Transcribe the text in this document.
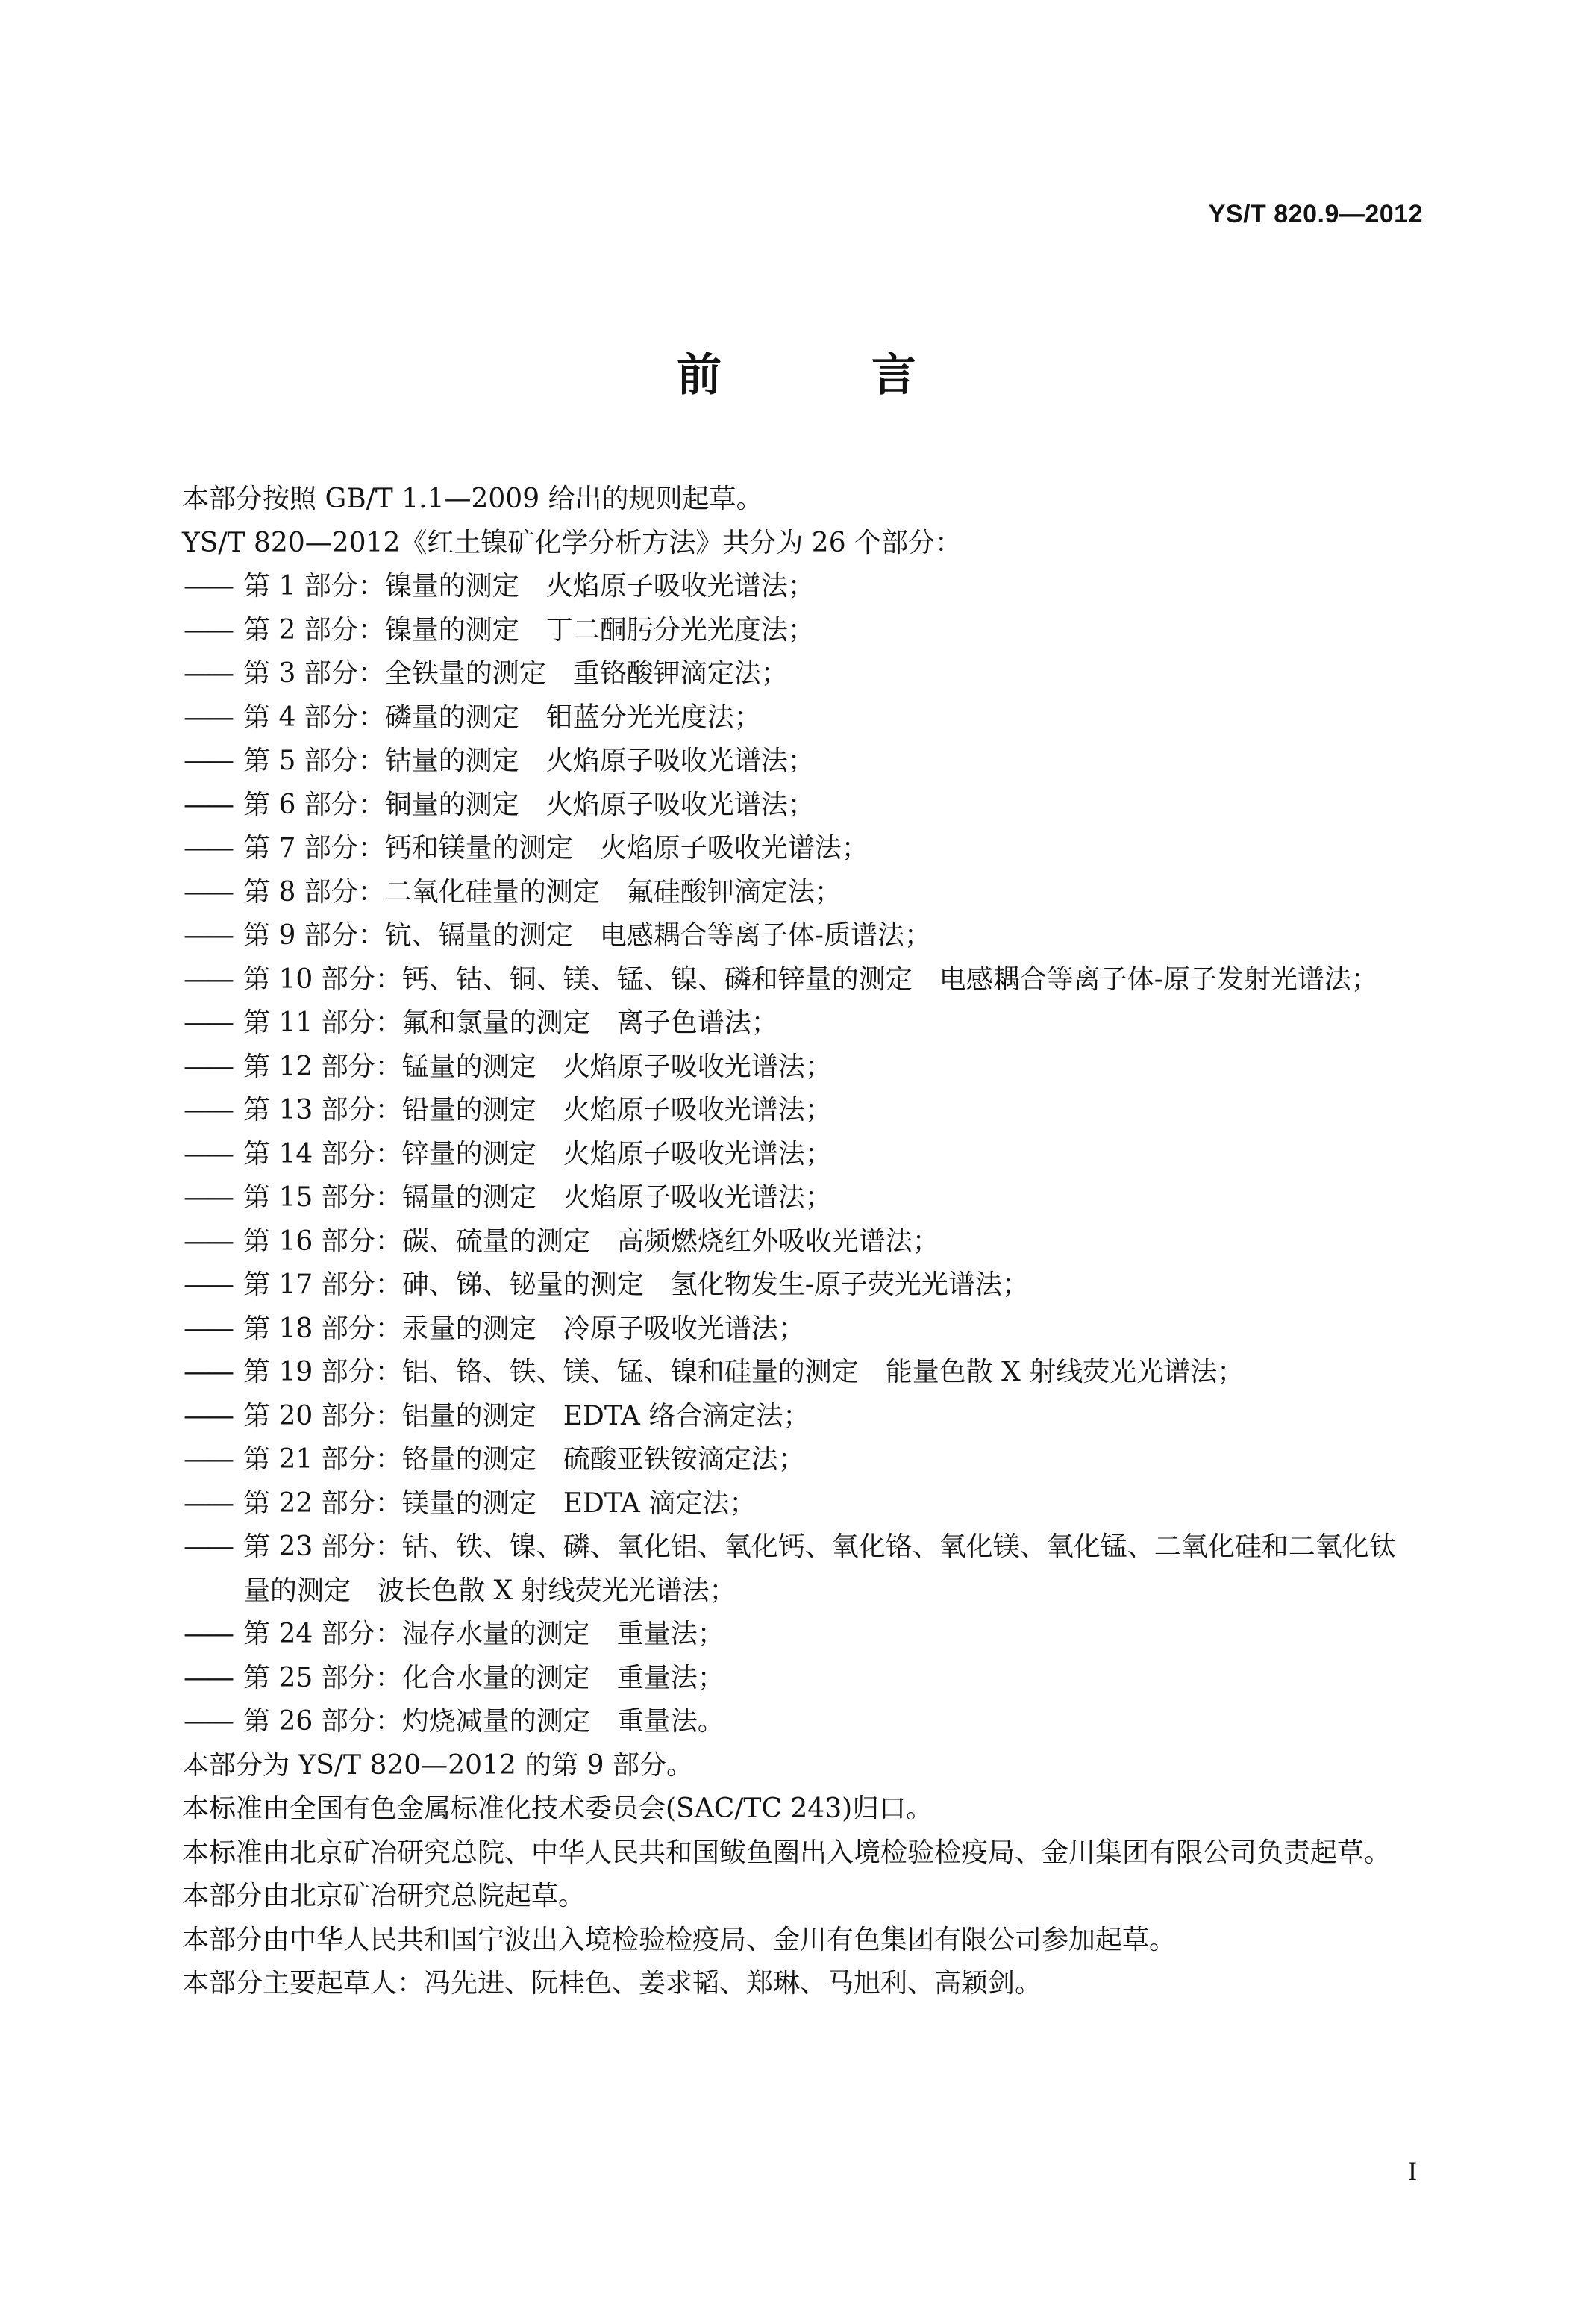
YS/T 820.9—2012
前 言

本部分按照 GB/T 1.1—2009 给出的规则起草。

YS/T 820—2012《红土镍矿化学分析方法》共分为 26 个部分：

—— 第 1 部分：镍量的测定　火焰原子吸收光谱法；

—— 第 2 部分：镍量的测定　丁二酮肟分光光度法；

—— 第 3 部分：全铁量的测定　重铬酸钾滴定法；

—— 第 4 部分：磷量的测定　钼蓝分光光度法；

—— 第 5 部分：钴量的测定　火焰原子吸收光谱法；

—— 第 6 部分：铜量的测定　火焰原子吸收光谱法；

—— 第 7 部分：钙和镁量的测定　火焰原子吸收光谱法；

—— 第 8 部分：二氧化硅量的测定　氟硅酸钾滴定法；

—— 第 9 部分：钪、镉量的测定　电感耦合等离子体-质谱法；

—— 第 10 部分：钙、钴、铜、镁、锰、镍、磷和锌量的测定　电感耦合等离子体-原子发射光谱法；

—— 第 11 部分：氟和氯量的测定　离子色谱法；

—— 第 12 部分：锰量的测定　火焰原子吸收光谱法；

—— 第 13 部分：铅量的测定　火焰原子吸收光谱法；

—— 第 14 部分：锌量的测定　火焰原子吸收光谱法；

—— 第 15 部分：镉量的测定　火焰原子吸收光谱法；

—— 第 16 部分：碳、硫量的测定　高频燃烧红外吸收光谱法；

—— 第 17 部分：砷、锑、铋量的测定　氢化物发生-原子荧光光谱法；

—— 第 18 部分：汞量的测定　冷原子吸收光谱法；

—— 第 19 部分：铝、铬、铁、镁、锰、镍和硅量的测定　能量色散 X 射线荧光光谱法；

—— 第 20 部分：铝量的测定　EDTA 络合滴定法；

—— 第 21 部分：铬量的测定　硫酸亚铁铵滴定法；

—— 第 22 部分：镁量的测定　EDTA 滴定法；

—— 第 23 部分：钴、铁、镍、磷、氧化铝、氧化钙、氧化铬、氧化镁、氧化锰、二氧化硅和二氧化钛量的测定　波长色散 X 射线荧光光谱法；

—— 第 24 部分：湿存水量的测定　重量法；

—— 第 25 部分：化合水量的测定　重量法；

—— 第 26 部分：灼烧减量的测定　重量法。

本部分为 YS/T 820—2012 的第 9 部分。

本标准由全国有色金属标准化技术委员会(SAC/TC 243)归口。

本标准由北京矿冶研究总院、中华人民共和国鲅鱼圈出入境检验检疫局、金川集团有限公司负责起草。

本部分由北京矿冶研究总院起草。

本部分由中华人民共和国宁波出入境检验检疫局、金川有色集团有限公司参加起草。

本部分主要起草人：冯先进、阮桂色、姜求韬、郑琳、马旭利、高颖剑。

I
